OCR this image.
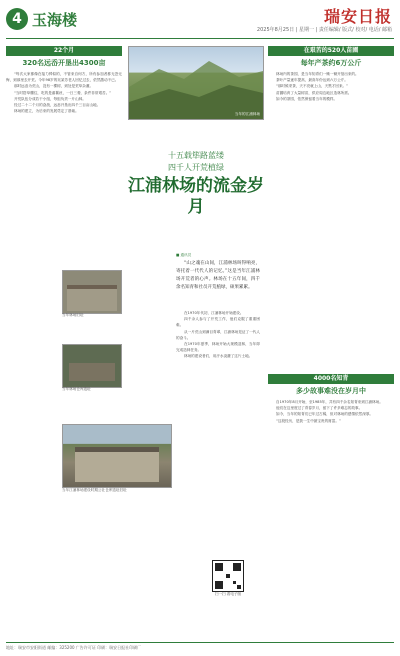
4 玉海楼	瑞安日报
2025年8月25日 | 星期一 | 责任编辑/ 版式/ 校对/ 电话/ 邮箱
22个月
320名远岙开垦出4300亩

“每次大家都像在接力棒似的，不管来自何方，所有参加者都无怨无悔，到那里去开荒。今年98岁的吴某芳老人回忆过去，依然激动不已。

那时远岙为荒山，没有一棵树，到处是荒草杂灌。

“当时搭草棚住，吃的是番薯丝，一日三餐，条件非常艰苦。”

开荒队伍分成若干小组，每组负责一片山林。

经过二十二个月的奋战，远岙开垦出四千三百亩山地。

林场的建立，为后来的发展奠定了基础。

当年的江浦林场
十五载筚路蓝缕
四千人开荒植绿
江浦林场的流金岁月
■ 通讯员

“山之魂在山间，江浦林场叫得响亮，寄托着一代代人的记忆。”这是当年江浦林场开荒者的心声。林场在十五年间，四千余名知青和社员开荒植绿，硕果累累。

当年林场旧址
当年林场仓库遗址
当年江浦林场建设时期公社仓库遗址旧址

在1970年代初，江浦林场开始建设。

四千余人参与了开荒工作，他们克服了重重困难。

从一片荒山到满目青翠，江浦林场见证了一代人的奋斗。

在1970年夏季，林场开始大规模造林，当年即完成造林任务。

林场的建设者们，用汗水浇灌了这片土地。

扫一扫 看电子版
在艰苦的520人苗圃
每年产茶约6万公斤

林场内的茶园，是当年知青们一锄一锄开垦出来的。

茶叶产量逐年提高，最高年份达到六万公斤。

“那时候采茶，天不亮就上山，天黑才回来。”

苗圃培育了大量树苗，供应周边地区造林所需。

如今的茶园，依然保留着当年的模样。

4000名知青
多少故事难没在岁月中

自1970年8月开始，至1985年，共有四千余名知青来到江浦林场。

他们在这里度过了青春岁月，留下了许多难忘的故事。

如今，当年的知青们已年过古稀，但对林场的感情依然深厚。

“这段经历，是我一生中最宝贵的财富。”

地址：瑞安市安阳街道 邮编：325200 广告许可证 印刷：瑞安日报社印刷厂
